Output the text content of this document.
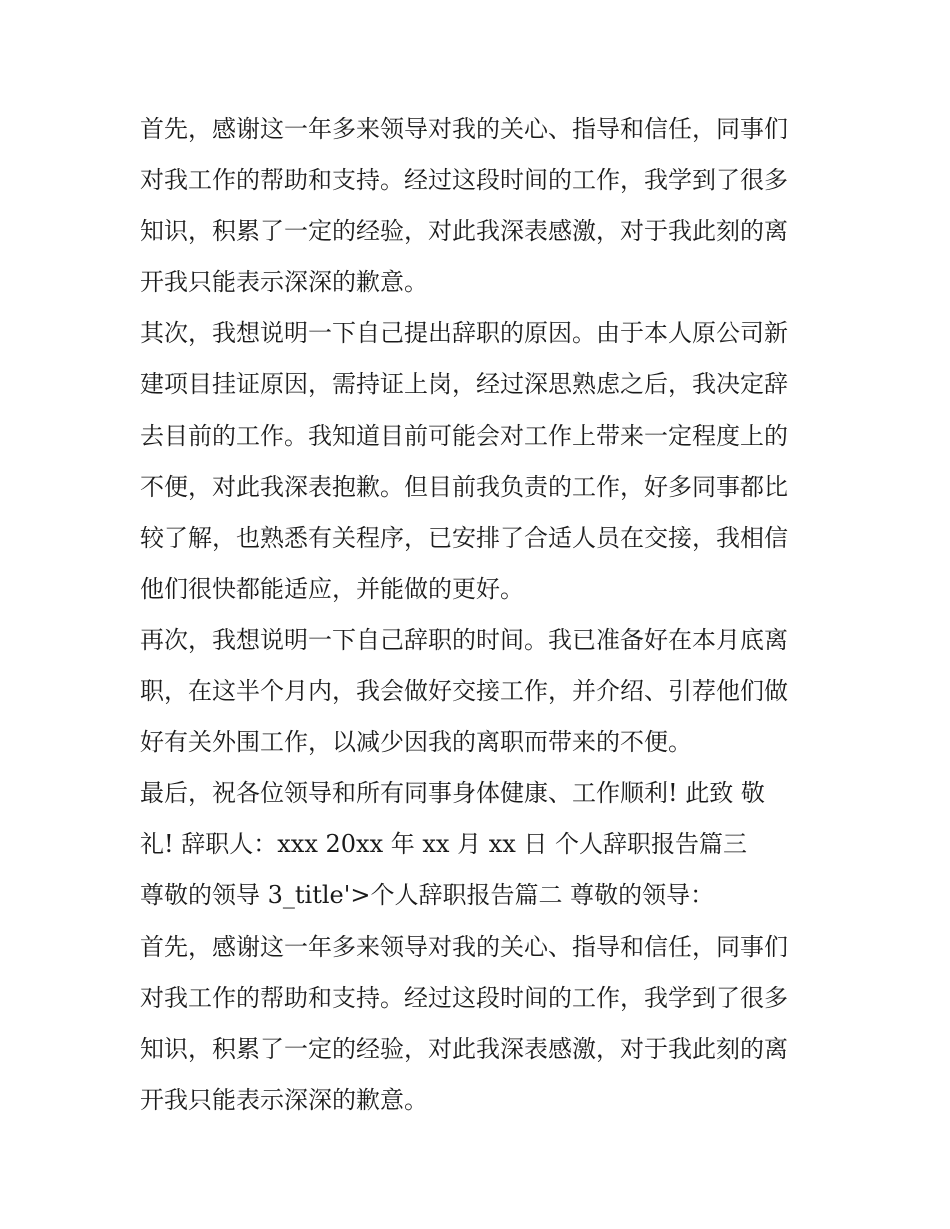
首先，感谢这一年多来领导对我的关心、指导和信任，同事们
对我工作的帮助和支持。经过这段时间的工作，我学到了很多
知识，积累了一定的经验，对此我深表感激，对于我此刻的离
开我只能表示深深的歉意。
其次，我想说明一下自己提出辞职的原因。由于本人原公司新
建项目挂证原因，需持证上岗，经过深思熟虑之后，我决定辞
去目前的工作。我知道目前可能会对工作上带来一定程度上的
不便，对此我深表抱歉。但目前我负责的工作，好多同事都比
较了解，也熟悉有关程序，已安排了合适人员在交接，我相信
他们很快都能适应，并能做的更好。
再次，我想说明一下自己辞职的时间。我已准备好在本月底离
职，在这半个月内，我会做好交接工作，并介绍、引荐他们做
好有关外围工作，以减少因我的离职而带来的不便。
最后，祝各位领导和所有同事身体健康、工作顺利! 此致 敬
礼! 辞职人：xxx 20xx 年 xx 月 xx 日 个人辞职报告篇三
尊敬的领导 3_title'>个人辞职报告篇二 尊敬的领导：
首先，感谢这一年多来领导对我的关心、指导和信任，同事们
对我工作的帮助和支持。经过这段时间的工作，我学到了很多
知识，积累了一定的经验，对此我深表感激，对于我此刻的离
开我只能表示深深的歉意。
